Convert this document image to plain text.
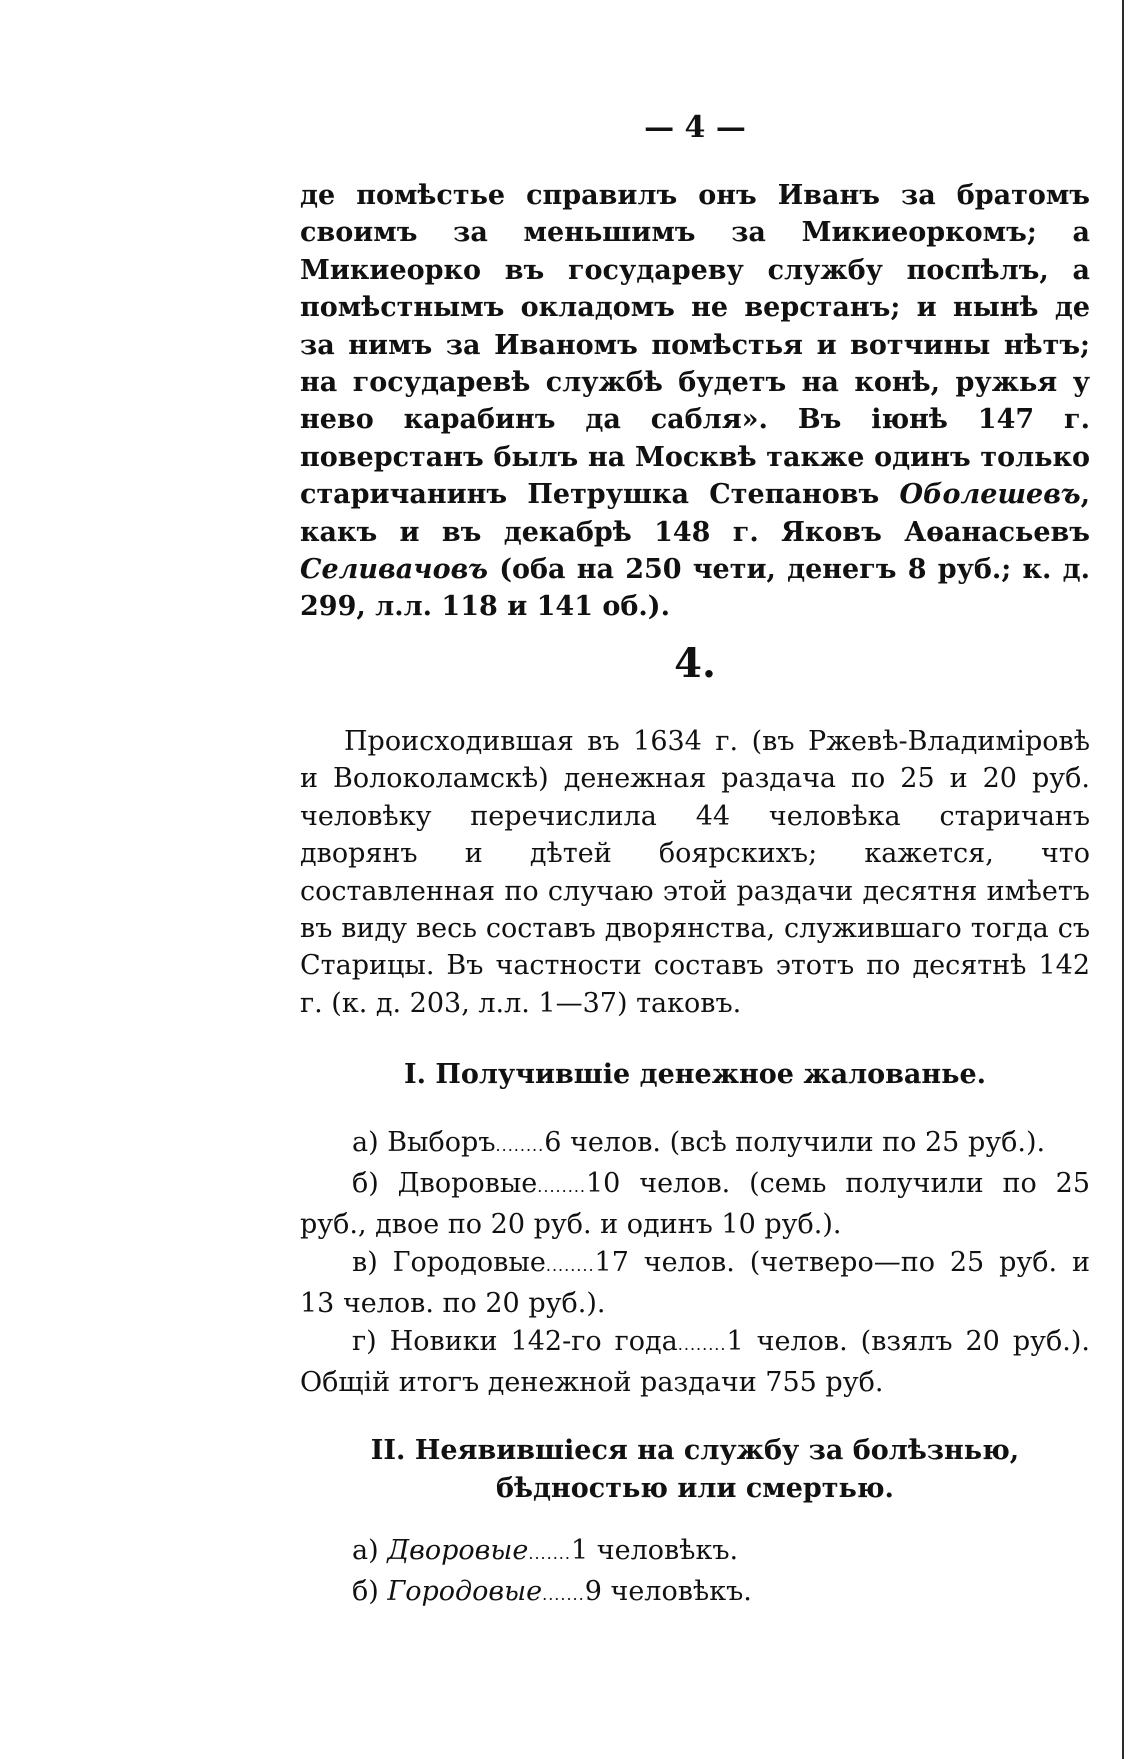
— 4 —

де помѣстье справилъ онъ Иванъ за братомъ своимъ за меньшимъ за Микиеоркомъ; а Микиеорко въ государеву службу поспѣлъ, а помѣстнымъ окладомъ не верстанъ; и нынѣ де за нимъ за Иваномъ помѣстья и вотчины нѣтъ; на государевѣ службѣ будетъ на конѣ, ружья у нево карабинъ да сабля». Въ iюнѣ 147 г. поверстанъ былъ на Москвѣ также одинъ только старичанинъ Петрушка Степановъ Оболешевъ, какъ и въ декабрѣ 148 г. Яковъ Аѳанасьевъ Селивачовъ (оба на 250 чети, денегъ 8 руб.; к. д. 299, л.л. 118 и 141 об.).

4.

Происходившая въ 1634 г. (въ Ржевѣ-Владимiровѣ и Волоколамскѣ) денежная раздача по 25 и 20 руб. человѣку перечислила 44 человѣка старичанъ дворянъ и дѣтей боярскихъ; кажется, что составленная по случаю этой раздачи десятня имѣетъ въ виду весь составъ дворянства, служившаго тогда съ Старицы. Въ частности составъ этотъ по десятнѣ 142 г. (к. д. 203, л.л. 1—37) таковъ.

I. Получившiе денежное жалованье.

а) Выборъ........6 челов. (всѣ получили по 25 руб.).

б) Дворовые........10 челов. (семь получили по 25 руб., двое по 20 руб. и одинъ 10 руб.).

в) Городовые........17 челов. (четверо—по 25 руб. и 13 челов. по 20 руб.).

г) Новики 142-го года........1 челов. (взялъ 20 руб.). Общiй итогъ денежной раздачи 755 руб.

II. Неявившiеся на службу за болѣзнью, бѣдностью или смертью.

а) Дворовые.......1 человѣкъ.

б) Городовые.......9 человѣкъ.
